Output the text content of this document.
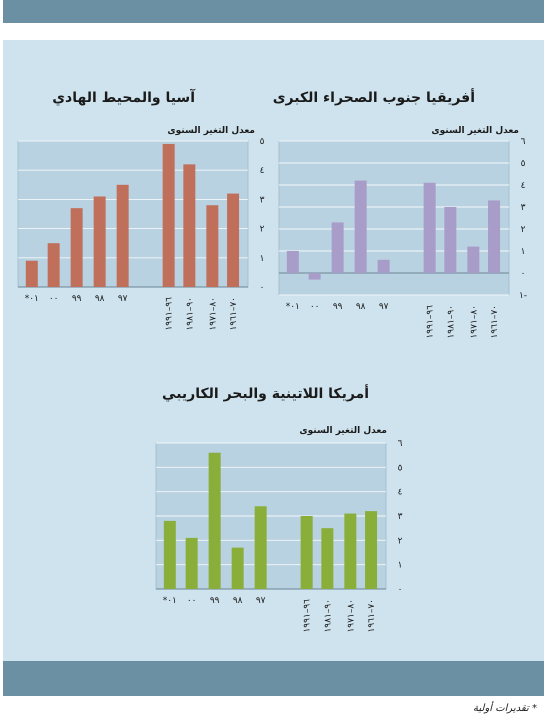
أفريقيا جنوب الصحراء الكبرى
معدل التغير السنوى
١-
٠
١
٢
٣
٤
٥
٦
٧٠–١٩٦١
٨٠–١٩٧١
٩٠–١٩٨١
٩٦–١٩٩١
٩٧
٩٨
٩٩
٠٠
*٠١
آسيا والمحيط الهادي
معدل التغير السنوى
٠
١
٢
٣
٤
٥
٧٠–١٩٦١
٨٠–١٩٧١
٩٠–١٩٨١
٩٦–١٩٩١
٩٧
٩٨
٩٩
٠٠
*٠١
أمريكا اللاتينية والبحر الكاريبي
معدل التغير السنوى
٠
١
٢
٣
٤
٥
٦
٧٠–١٩٦١
٨٠–١٩٧١
٩٠–١٩٨١
٩٦–١٩٩١
٩٧
٩٨
٩٩
٠٠
*٠١
* تقديرات أولية
